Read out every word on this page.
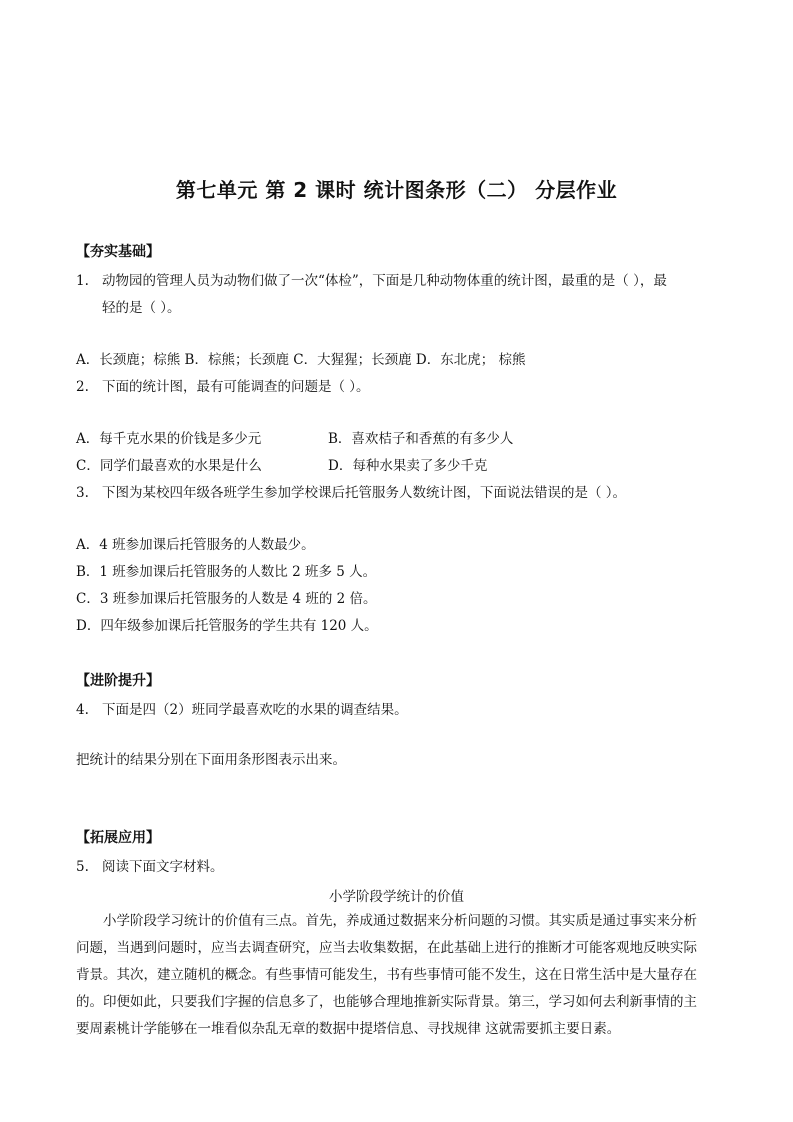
第七单元 第 2 课时 统计图条形（二） 分层作业
【夯实基础】
1. 动物园的管理人员为动物们做了一次“体检”，下面是几种动物体重的统计图，最重的是（ ），最
轻的是（ ）。
A．长颈鹿；棕熊 B．棕熊；长颈鹿 C．大猩猩；长颈鹿 D．东北虎； 棕熊
2. 下面的统计图，最有可能调查的问题是（ ）。
A．每千克水果的价钱是多少元	B．喜欢桔子和香蕉的有多少人
C．同学们最喜欢的水果是什么	D．每种水果卖了多少千克
3. 下图为某校四年级各班学生参加学校课后托管服务人数统计图，下面说法错误的是（ ）。
A．4 班参加课后托管服务的人数最少。
B．1 班参加课后托管服务的人数比 2 班多 5 人。
C．3 班参加课后托管服务的人数是 4 班的 2 倍。
D．四年级参加课后托管服务的学生共有 120 人。
【进阶提升】
4. 下面是四（2）班同学最喜欢吃的水果的调查结果。
把统计的结果分别在下面用条形图表示出来。
【拓展应用】
5. 阅读下面文字材料。
小学阶段学统计的价值
小学阶段学习统计的价值有三点。首先，养成通过数据来分析问题的习惯。其实质是通过事实来分析
问题，当遇到问题时，应当去调查研究，应当去收集数据，在此基础上进行的推断才可能客观地反映实际
背景。其次，建立随机的概念。有些事情可能发生，书有些事情可能不发生，这在日常生活中是大量存在
的。印便如此，只要我们字握的信息多了，也能够合理地推新实际背景。第三，学习如何去利新事情的主
要周素桃计学能够在一堆看似杂乱无章的数据中提塔信息、寻找规律 这就需要抓主要日素。
